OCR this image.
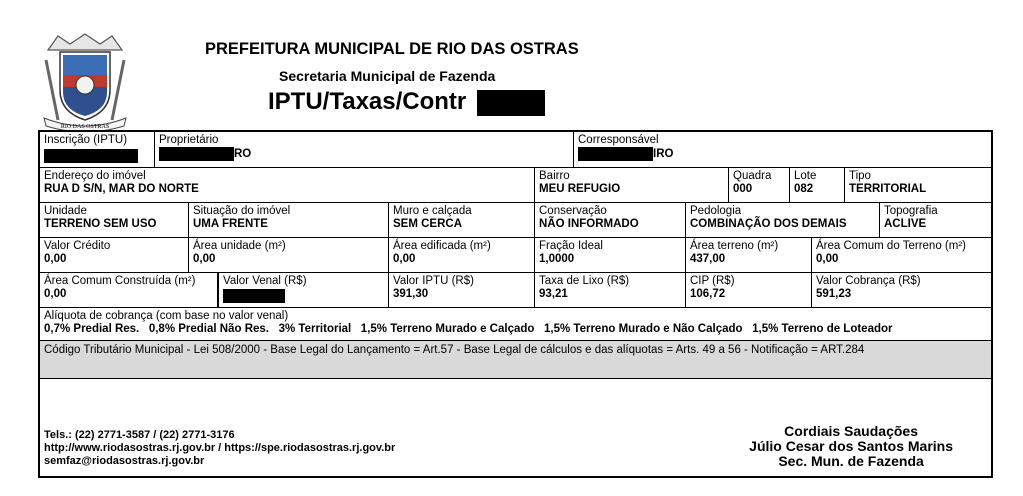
RIO DAS OSTRAS
PREFEITURA MUNICIPAL DE RIO DAS OSTRAS
Secretaria Municipal de Fazenda
IPTU/Taxas/Contr
Inscrição (IPTU)	Proprietário
RO
Corresponsável
IRO
Endereço do imóvel
RUA D S/N, MAR DO NORTE
Bairro
MEU REFUGIO
Quadra
000
Lote
082
Tipo
TERRITORIAL
Unidade
TERRENO SEM USO
Situação do imóvel
UMA FRENTE
Muro e calçada
SEM CERCA
Conservação
NÃO INFORMADO
Pedologia
COMBINAÇÃO DOS DEMAIS
Topografia
ACLIVE
Valor Crédito
0,00
Área unidade (m²)
0,00
Área edificada (m²)
0,00
Fração Ideal
1,0000
Área terreno (m²)
437,00
Área Comum do Terreno (m²)
0,00
Área Comum Construída (m²)
0,00
Valor Venal (R$)	Valor IPTU (R$)
391,30
Taxa de Lixo (R$)
93,21
CIP (R$)
106,72
Valor Cobrança (R$)
591,23
Alíquota de cobrança (com base no valor venal)
0,7% Predial Res.   0,8% Predial Não Res.   3% Territorial   1,5% Terreno Murado e Calçado   1,5% Terreno Murado e Não Calçado   1,5% Terreno de Loteador
Código Tributário Municipal - Lei 508/2000 - Base Legal do Lançamento = Art.57 - Base Legal de cálculos e das alíquotas = Arts. 49 a 56 - Notificação = ART.284
Tels.: (22) 2771-3587 / (22) 2771-3176
http://www.riodasostras.rj.gov.br / https://spe.riodasostras.rj.gov.br
semfaz@riodasostras.rj.gov.br
Cordiais Saudações
Júlio Cesar dos Santos Marins
Sec. Mun. de Fazenda
